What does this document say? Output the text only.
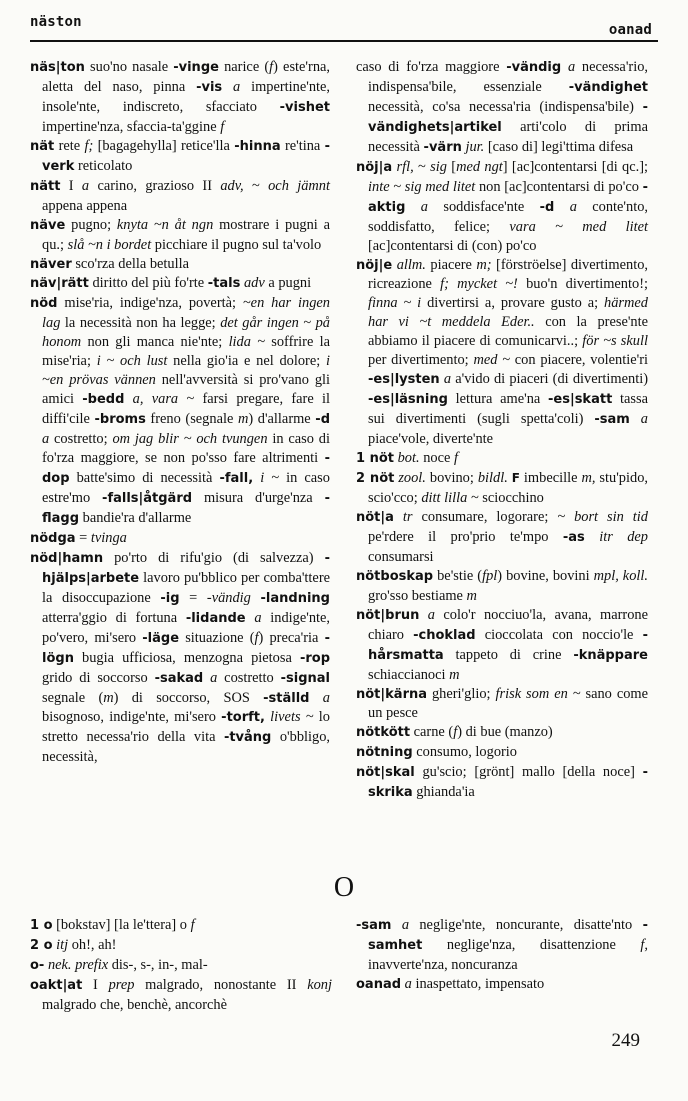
näston	oanad

näs|ton suo'no nasale -vinge narice (f) este'rna, aletta del naso, pinna -vis a impertine'nte, insole'nte, indiscreto, sfacciato -vishet impertine'nza, sfaccia-ta'ggine f

nät rete f; [bagagehylla] retice'lla -hinna re'tina -verk reticolato

nätt I a carino, grazioso II adv, ~ och jämnt appena appena

näve pugno; knyta ~n åt ngn mostrare i pugni a qu.; slå ~n i bordet picchiare il pugno sul ta'volo

näver sco'rza della betulla

näv|rätt diritto del più fo'rte -tals adv a pugni

nöd mise'ria, indige'nza, povertà; ~en har ingen lag la necessità non ha legge; det går ingen ~ på honom non gli manca nie'nte; lida ~ soffrire la mise'ria; i ~ och lust nella gio'ia e nel dolore; i ~en prövas vännen nell'avversità si pro'vano gli amici -bedd a, vara ~ farsi pregare, fare il diffi'cile -broms freno (segnale m) d'allarme -d a costretto; om jag blir ~ och tvungen in caso di fo'rza maggiore, se non po'sso fare altrimenti -dop batte'simo di necessità -fall, i ~ in caso estre'mo -falls|åtgärd misura d'urge'nza -flagg bandie'ra d'allarme

nödga = tvinga

nöd|hamn po'rto di rifu'gio (di salvezza) -hjälps|arbete lavoro pu'bblico per comba'ttere la disoccupazione -ig = -vändig -landning atterra'ggio di fortuna -lidande a indige'nte, po'vero, mi'sero -läge situazione (f) preca'ria -lögn bugia ufficiosa, menzogna pietosa -rop grido di soccorso -sakad a costretto -signal segnale (m) di soccorso, SOS -ställd a bisognoso, indige'nte, mi'sero -torft, livets ~ lo stretto necessa'rio della vita -tvång o'bbligo, necessità,

caso di fo'rza maggiore -vändig a necessa'rio, indispensa'bile, essenziale -vändighet necessità, co'sa necessa'ria (indispensa'bile) -vändighets|artikel arti'colo di prima necessità -värn jur. [caso di] legi'ttima difesa

nöj|a rfl, ~ sig [med ngt] [ac]contentarsi [di qc.]; inte ~ sig med litet non [ac]contentarsi di po'co -aktig a soddisface'nte -d a conte'nto, soddisfatto, felice; vara ~ med litet [ac]contentarsi di (con) po'co

nöj|e allm. piacere m; [förströelse] divertimento, ricreazione f; mycket ~! buo'n divertimento!; finna ~ i divertirsi a, provare gusto a; härmed har vi ~t meddela Eder.. con la prese'nte abbiamo il piacere di comunicarvi..; för ~s skull per divertimento; med ~ con piacere, volentie'ri -es|lysten a a'vido di piaceri (di divertimenti) -es|läsning lettura ame'na -es|skatt tassa sui divertimenti (sugli spetta'coli) -sam a piace'vole, diverte'nte

1 nöt bot. noce f

2 nöt zool. bovino; bildl. F imbecille m, stu'pido, scio'cco; ditt lilla ~ sciocchino

nöt|a tr consumare, logorare; ~ bort sin tid pe'rdere il pro'prio te'mpo -as itr dep consumarsi

nötboskap be'stie (fpl) bovine, bovini mpl, koll. gro'sso bestiame m

nöt|brun a colo'r nocciuo'la, avana, marrone chiaro -choklad cioccolata con noccio'le -hårsmatta tappeto di crine -knäppare schiaccianoci m

nöt|kärna gheri'glio; frisk som en ~ sano come un pesce

nötkött carne (f) di bue (manzo)

nötning consumo, logorio

nöt|skal gu'scio; [grönt] mallo [della noce] -skrika ghianda'ia

O

1 o [bokstav] [la le'ttera] o f

2 o itj oh!, ah!

o- nek. prefix dis-, s-, in-, mal-

oakt|at I prep malgrado, nonostante II konj malgrado che, benchè, ancorchè

-sam a neglige'nte, noncurante, disatte'nto -samhet neglige'nza, disattenzione f, inavverte'nza, noncuranza

oanad a inaspettato, impensato

249
